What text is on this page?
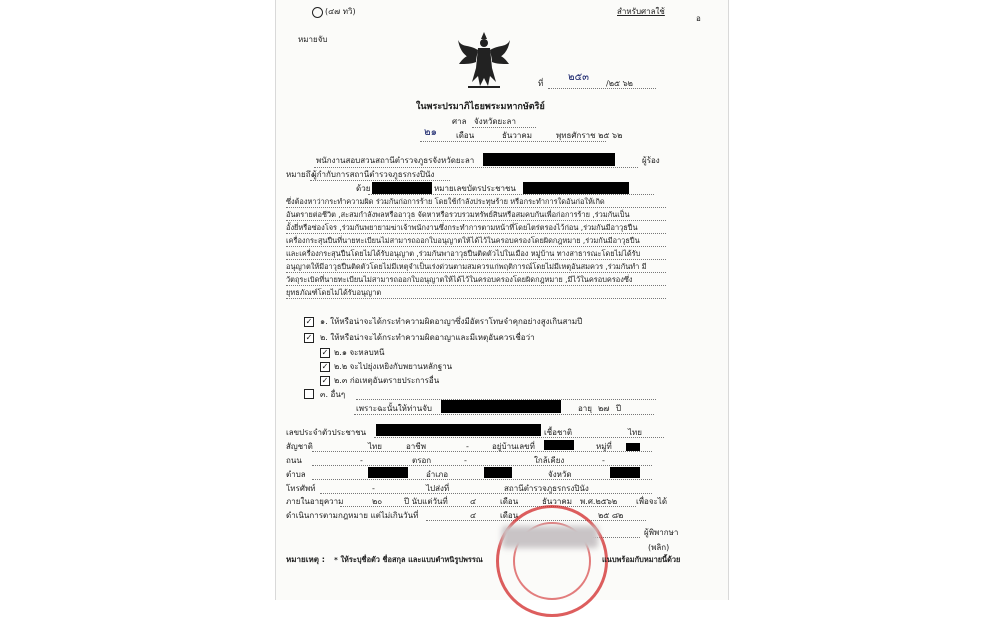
(๔๗ ทวิ)	สำหรับศาลใช้
อ
หมายจับ
ที่
๒๕๓
/๒๕ ๖๒
ในพระปรมาภิไธยพระมหากษัตริย์
ศาล จังหวัดยะลา
๒๑ เดือน	ธันวาคม	พุทธศักราช ๒๕ ๖๒
พนักงานสอบสวนสถานีตำรวจภูธรจังหวัดยะลา	ผู้ร้อง
หมายถึง
ผู้กำกับการสถานีตำรวจภูธรกรงปินัง
ด้วย	หมายเลขบัตรประชาชน
ซึ่งต้องหาว่ากระทำความผิด ร่วมกันก่อการร้าย โดยใช้กำลังประทุษร้าย หรือกระทำการใดอันก่อให้เกิด
อันตรายต่อชีวิต ,สะสมกำลังพลหรืออาวุธ จัดหาหรือรวบรวมทรัพย์สินหรือสมคบกันเพื่อก่อการร้าย ,ร่วมกันเป็น
อั้งยี่หรือซ่องโจร ,ร่วมกันพยายามฆ่าเจ้าพนักงานซึ่งกระทำการตามหน้าที่โดยไตร่ตรองไว้ก่อน ,ร่วมกันมีอาวุธปืน
เครื่องกระสุนปืนที่นายทะเบียนไม่สามารถออกใบอนุญาตให้ได้ไว้ในครอบครองโดยผิดกฎหมาย ,ร่วมกันมีอาวุธปืน
และเครื่องกระสุนปืนโดยไม่ได้รับอนุญาต ,ร่วมกันพาอาวุธปืนติดตัวไปในเมือง หมู่บ้าน ทางสาธารณะโดยไม่ได้รับ
อนุญาตให้มีอาวุธปืนติดตัวโดยไม่มีเหตุจำเป็นเร่งด่วนตามสมควรแก่พฤติการณ์โดยไม่มีเหตุอันสมควร ,ร่วมกันทำ มี
วัตถุระเบิดที่นายทะเบียนไม่สามารถออกใบอนุญาตให้ได้ไว้ในครอบครองโดยผิดกฎหมาย ,มีไว้ในครอบครองซึ่ง
ยุทธภัณฑ์โดยไม่ได้รับอนุญาต
✓ ๑. ให้หรือน่าจะได้กระทำความผิดอาญาซึ่งมีอัตราโทษจำคุกอย่างสูงเกินสามปี
✓ ๒. ให้หรือน่าจะได้กระทำความผิดอาญาและมีเหตุอันควรเชื่อว่า
✓ ๒.๑ จะหลบหนี
✓ ๒.๒ จะไปยุ่งเหยิงกับพยานหลักฐาน
✓ ๒.๓ ก่อเหตุอันตรายประการอื่น
๓. อื่นๆ
เพราะฉะนั้นให้ท่านจับ	อายุ ๒๗ ปี
เลขประจำตัวประชาชน	เชื้อชาติ	ไทย
สัญชาติ	ไทย	อาชีพ	-	อยู่บ้านเลขที่	หมู่ที่
ถนน	-	ตรอก	-	ใกล้เคียง	-
ตำบล	อำเภอ	จังหวัด
โทรศัพท์	-	ไปส่งที่	สถานีตำรวจภูธรกรงปินัง
ภายในอายุความ	๒๐	ปี นับแต่วันที่	๔	เดือน	ธันวาคม พ.ศ.๒๕๖๒ เพื่อจะได้
ดำเนินการตามกฎหมาย แต่ไม่เกินวันที่	๔	เดือน	๒๕ ๘๒
ผู้พิพากษา
(พลิก)
หมายเหตุ : * ให้ระบุชื่อตัว ชื่อสกุล และแบบตำหนิรูปพรรณ	แนบพร้อมกับหมายนี้ด้วย
